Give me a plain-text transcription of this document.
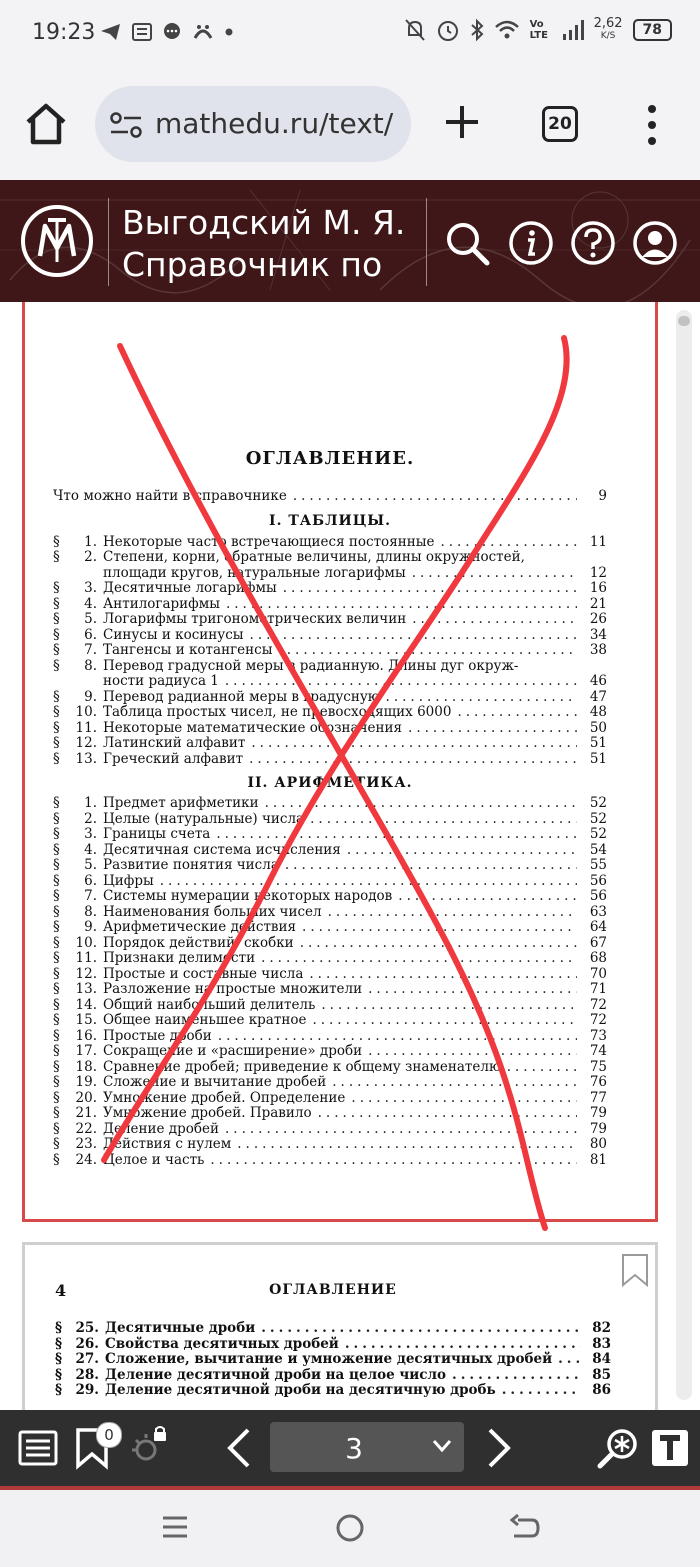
19:23	Vo LTE
2,62
K/S	78
mathedu.ru/text/	20
Выгодский М. Я.
Справочник по
ОГЛАВЛЕНИЕ.
Что можно найти в справочнике .....	9
I. ТАБЛИЦЫ.
§	1. Некоторые часто встречающиеся постоянные .....	11
§	2. Степени, корни, обратные величины, длины окружностей,
площади кругов, натуральные логарифмы .....	12
§	3. Десятичные логарифмы .....	16
§	4. Антилогарифмы .....	21
§	5. Логарифмы тригонометрических величин .....	26
§	6. Синусы и косинусы .....	34
§	7. Тангенсы и котангенсы .....	38
§	8. Перевод градусной меры в радианную. Длины дуг окруж-
ности радиуса 1 .....	46
§	9. Перевод радианной меры в градусную .....	47
§	10. Таблица простых чисел, не превосходящих 6000 .....	48
§	11. Некоторые математические обозначения .....	50
§	12. Латинский алфавит .....	51
§	13. Греческий алфавит .....	51
II. АРИФМЕТИКА.
§	1. Предмет арифметики .....	52
§	2. Целые (натуральные) числа .....	52
§	3. Границы счета .....	52
§	4. Десятичная система исчисления .....	54
§	5. Развитие понятия числа .....	55
§	6. Цифры .....	56
§	7. Системы нумерации некоторых народов .....	56
§	8. Наименования больших чисел .....	63
§	9. Арифметические действия .....	64
§	10. Порядок действий; скобки .....	67
§	11. Признаки делимости .....	68
§	12. Простые и составные числа .....	70
§	13. Разложение на простые множители .....	71
§	14. Общий наибольший делитель .....	72
§	15. Общее наименьшее кратное .....	72
§	16. Простые дроби .....	73
§	17. Сокращение и «расширение» дроби .....	74
§	18. Сравнение дробей; приведение к общему знаменателю .....	75
§	19. Сложение и вычитание дробей .....	76
§	20. Умножение дробей. Определение .....	77
§	21. Умножение дробей. Правило .....	79
§	22. Деление дробей .....	79
§	23. Действия с нулем .....	80
§	24. Целое и часть .....	81
4	ОГЛАВЛЕНИЕ
§ 25. Десятичные дроби .....	82
§ 26. Свойства десятичных дробей .....	83
§ 27. Сложение, вычитание и умножение десятичных дробей .....	84
§ 28. Деление десятичной дроби на целое число .....	85
§ 29. Деление десятичной дроби на десятичную дробь .....	86
3
0
